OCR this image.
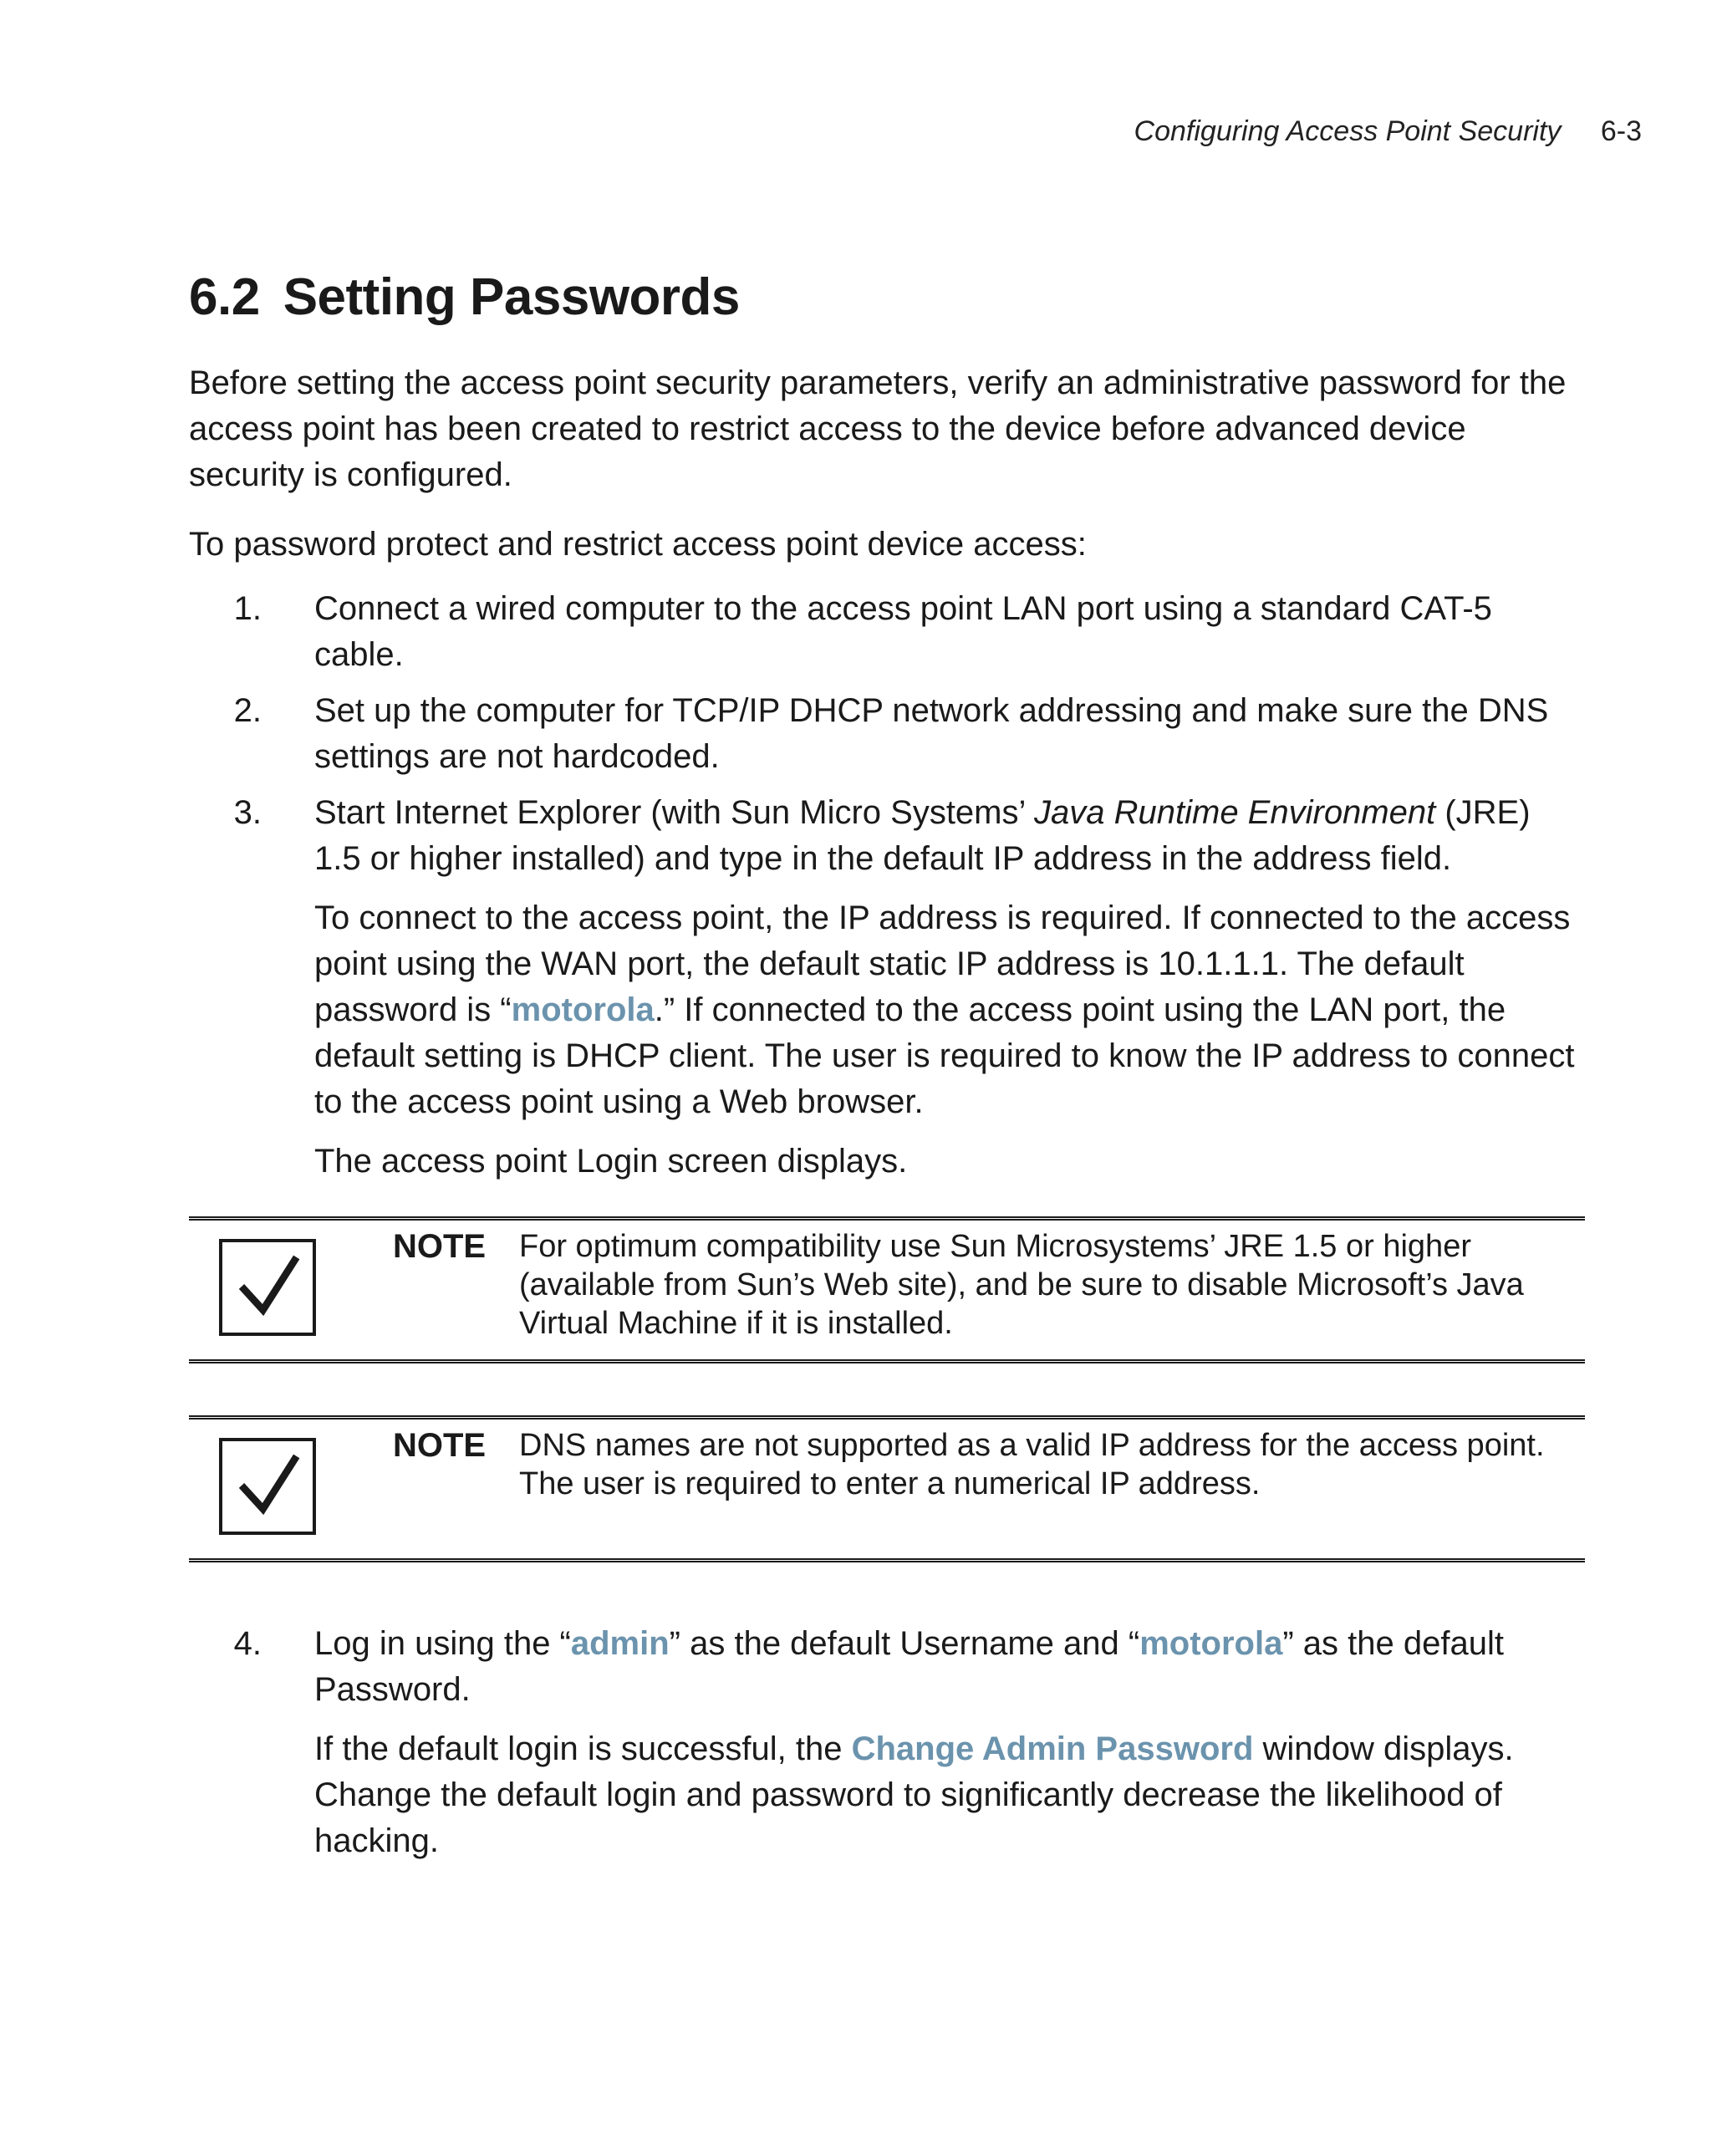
Configuring Access Point Security 6-3
6.2 Setting Passwords

Before setting the access point security parameters, verify an administrative password for the access point has been created to restrict access to the device before advanced device security is configured.

To password protect and restrict access point device access:

1.	Connect a wired computer to the access point LAN port using a standard CAT-5 cable.
2.	Set up the computer for TCP/IP DHCP network addressing and make sure the DNS settings are not hardcoded.
3.	Start Internet Explorer (with Sun Micro Systems’ Java Runtime Environment (JRE) 1.5 or higher installed) and type in the default IP address in the address field.

To connect to the access point, the IP address is required. If connected to the access point using the WAN port, the default static IP address is 10.1.1.1. The default password is “motorola.” If connected to the access point using the LAN port, the default setting is DHCP client. The user is required to know the IP address to connect to the access point using a Web browser.

The access point Login screen displays.

NOTE For optimum compatibility use Sun Microsystems’ JRE 1.5 or higher (available from Sun’s Web site), and be sure to disable Microsoft’s Java Virtual Machine if it is installed.
NOTE DNS names are not supported as a valid IP address for the access point. The user is required to enter a numerical IP address.
4.	Log in using the “admin” as the default Username and “motorola” as the default Password.

If the default login is successful, the Change Admin Password window displays. Change the default login and password to significantly decrease the likelihood of hacking.
